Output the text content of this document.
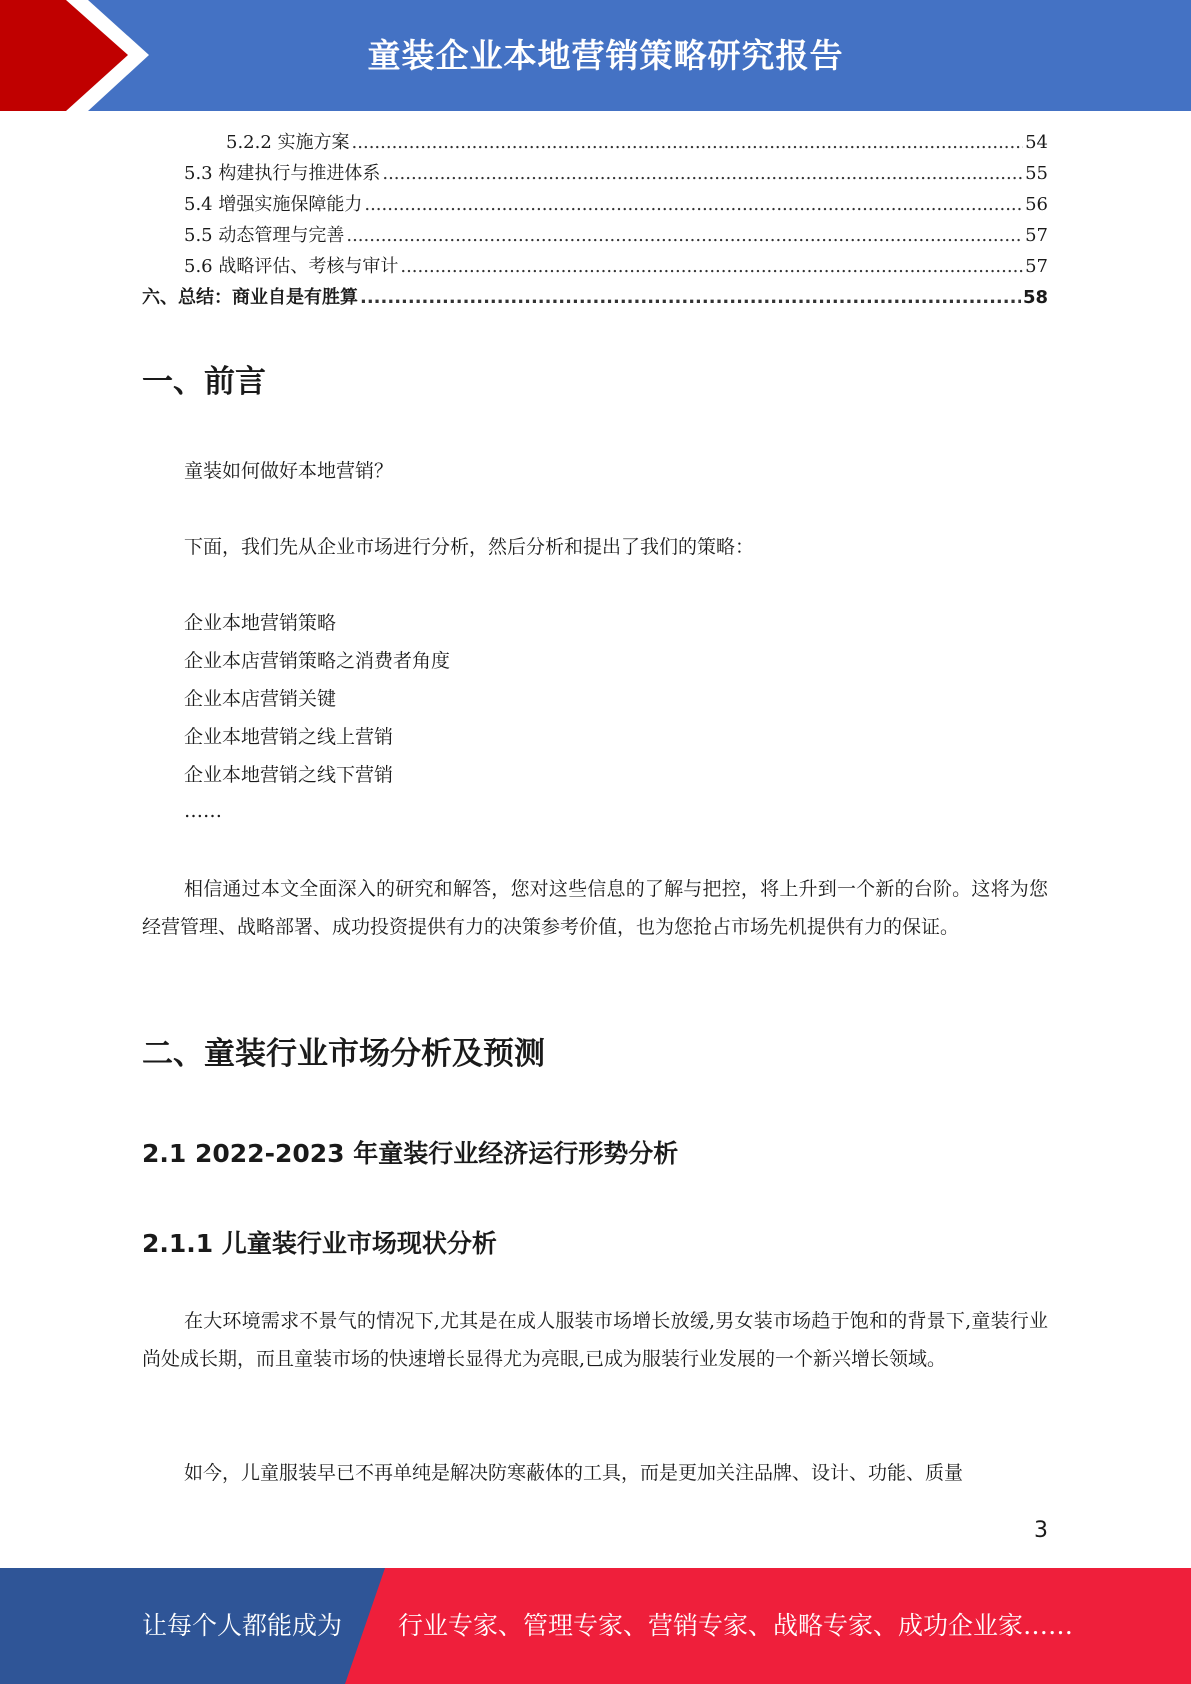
童装企业本地营销策略研究报告
5.2.2 实施方案 .....	54
5.3 构建执行与推进体系 .....	55
5.4 增强实施保障能力 .....	56
5.5 动态管理与完善 .....	57
5.6 战略评估、考核与审计 .....	57
六、总结：商业自是有胜算 .....	58
一、前言

童装如何做好本地营销？

下面，我们先从企业市场进行分析，然后分析和提出了我们的策略：

企业本地营销策略
企业本店营销策略之消费者角度
企业本店营销关键
企业本地营销之线上营销
企业本地营销之线下营销
……

相信通过本文全面深入的研究和解答，您对这些信息的了解与把控，将上升到一个新的台阶。这将为您经营管理、战略部署、成功投资提供有力的决策参考价值，也为您抢占市场先机提供有力的保证。

二、童装行业市场分析及预测
2.1 2022-2023 年童装行业经济运行形势分析
2.1.1 儿童装行业市场现状分析

在大环境需求不景气的情况下,尤其是在成人服装市场增长放缓,男女装市场趋于饱和的背景下,童装行业尚处成长期，而且童装市场的快速增长显得尤为亮眼,已成为服装行业发展的一个新兴增长领域。

如今，儿童服装早已不再单纯是解决防寒蔽体的工具，而是更加关注品牌、设计、功能、质量

3
让每个人都能成为 行业专家、管理专家、营销专家、战略专家、成功企业家……
